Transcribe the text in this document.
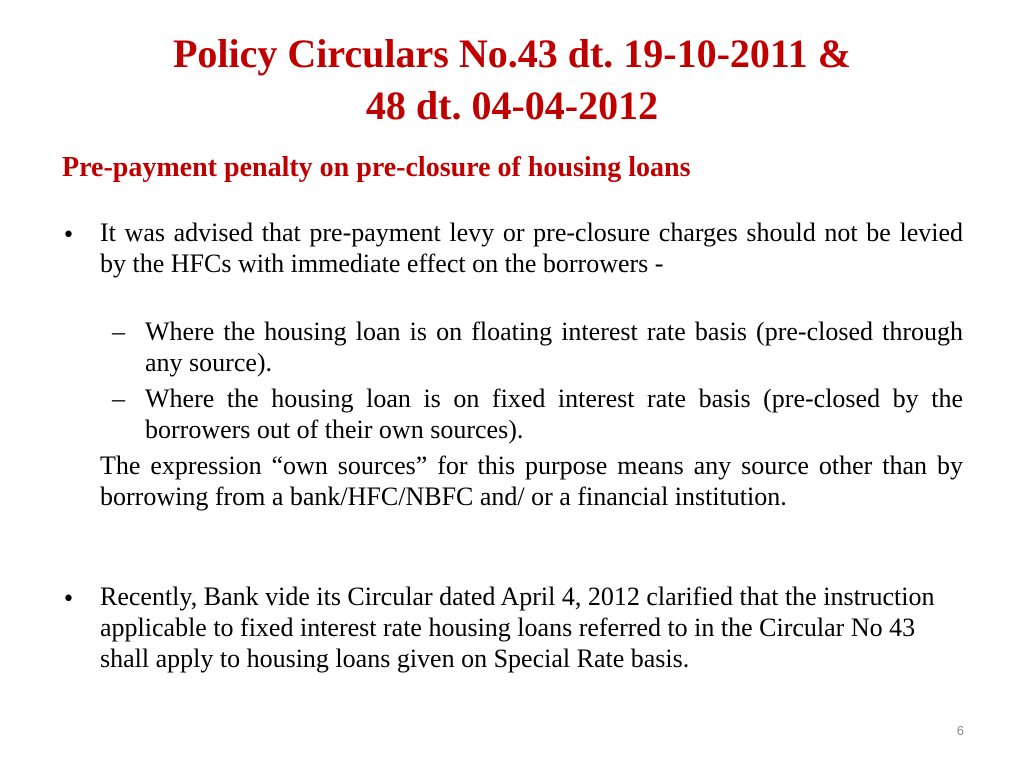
Policy Circulars No.43 dt. 19-10-2011 &
48 dt. 04-04-2012
Pre-payment penalty on pre-closure of housing loans
• It was advised that pre-payment levy or pre-closure charges should not be levied by the HFCs with immediate effect on the borrowers -
– Where the housing loan is on floating interest rate basis (pre-closed through any source).
– Where the housing loan is on fixed interest rate basis (pre-closed by the borrowers out of their own sources).
The expression “own sources” for this purpose means any source other than by borrowing from a bank/HFC/NBFC and/ or a financial institution.
• Recently, Bank vide its Circular dated April 4, 2012 clarified that the instruction applicable to fixed interest rate housing loans referred to in the Circular No 43 shall apply to housing loans given on Special Rate basis.
6
